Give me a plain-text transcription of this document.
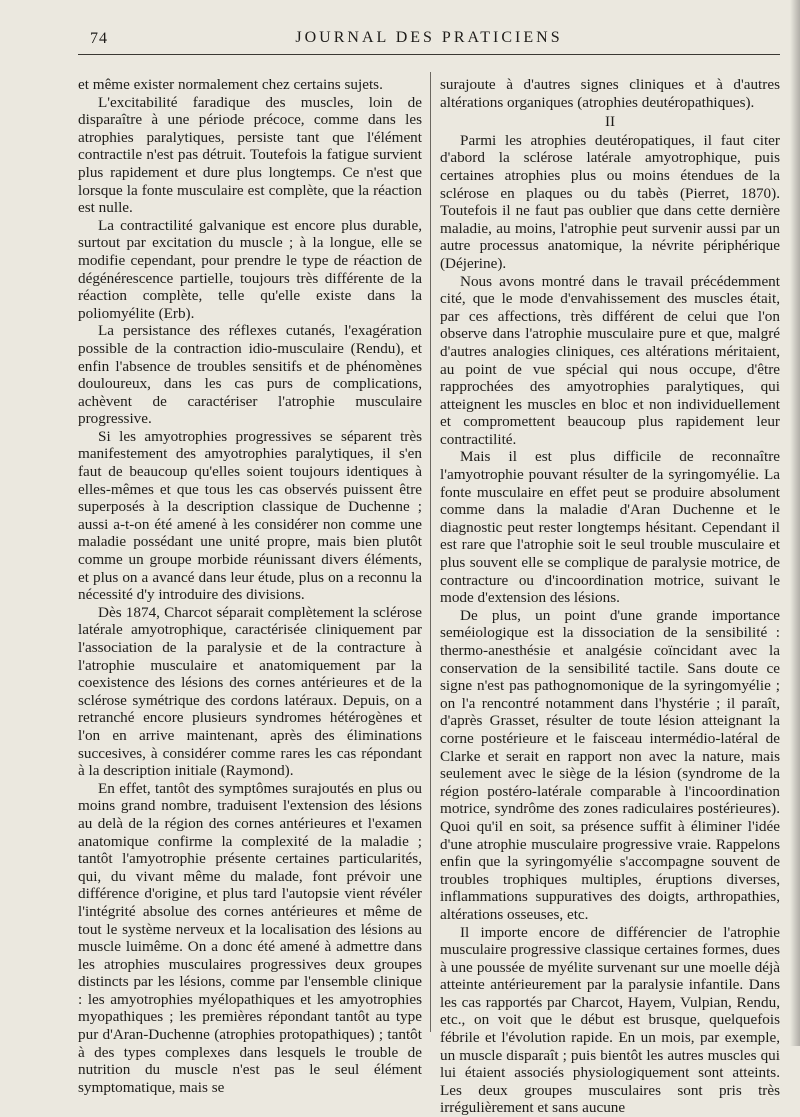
74	JOURNAL DES PRATICIENS

et même exister normalement chez certains sujets.

L'excitabilité faradique des muscles, loin de disparaître à une période précoce, comme dans les atrophies paralytiques, persiste tant que l'élément contractile n'est pas détruit. Toutefois la fatigue survient plus rapidement et dure plus longtemps. Ce n'est que lorsque la fonte musculaire est complète, que la réaction est nulle.

La contractilité galvanique est encore plus durable, surtout par excitation du muscle ; à la longue, elle se modifie cependant, pour prendre le type de réaction de dégénérescence partielle, toujours très différente de la réaction complète, telle qu'elle existe dans la poliomyélite (Erb).

La persistance des réflexes cutanés, l'exagération possible de la contraction idio-musculaire (Rendu), et enfin l'absence de troubles sensitifs et de phénomènes douloureux, dans les cas purs de complications, achèvent de caractériser l'atrophie musculaire progressive.

Si les amyotrophies progressives se séparent très manifestement des amyotrophies paralytiques, il s'en faut de beaucoup qu'elles soient toujours identiques à elles-mêmes et que tous les cas observés puissent être superposés à la description classique de Duchenne ; aussi a-t-on été amené à les considérer non comme une maladie possédant une unité propre, mais bien plutôt comme un groupe morbide réunissant divers éléments, et plus on a avancé dans leur étude, plus on a reconnu la nécessité d'y introduire des divisions.

Dès 1874, Charcot séparait complètement la sclérose latérale amyotrophique, caractérisée cliniquement par l'association de la paralysie et de la contracture à l'atrophie musculaire et anatomiquement par la coexistence des lésions des cornes antérieures et de la sclérose symétrique des cordons latéraux. Depuis, on a retranché encore plusieurs syndromes hétérogènes et l'on en arrive maintenant, après des éliminations succesives, à considérer comme rares les cas répondant à la description initiale (Raymond).

En effet, tantôt des symptômes surajoutés en plus ou moins grand nombre, traduisent l'extension des lésions au delà de la région des cornes antérieures et l'examen anatomique confirme la complexité de la maladie ; tantôt l'amyotrophie présente certaines particularités, qui, du vivant même du malade, font prévoir une différence d'origine, et plus tard l'autopsie vient révéler l'intégrité absolue des cornes antérieures et même de tout le système nerveux et la localisation des lésions au muscle luimême. On a donc été amené à admettre dans les atrophies musculaires progressives deux groupes distincts par les lésions, comme par l'ensemble clinique : les amyotrophies myélopathiques et les amyotrophies myopathiques ; les premières répondant tantôt au type pur d'Aran-Duchenne (atrophies protopathiques) ; tantôt à des types complexes dans lesquels le trouble de nutrition du muscle n'est pas le seul élément symptomatique, mais se

surajoute à d'autres signes cliniques et à d'autres altérations organiques (atrophies deutéropathiques).

II

Parmi les atrophies deutéropatiques, il faut citer d'abord la sclérose latérale amyotrophique, puis certaines atrophies plus ou moins étendues de la sclérose en plaques ou du tabès (Pierret, 1870). Toutefois il ne faut pas oublier que dans cette dernière maladie, au moins, l'atrophie peut survenir aussi par un autre processus anatomique, la névrite périphérique (Déjerine).

Nous avons montré dans le travail précédemment cité, que le mode d'envahissement des muscles était, par ces affections, très différent de celui que l'on observe dans l'atrophie musculaire pure et que, malgré d'autres analogies cliniques, ces altérations méritaient, au point de vue spécial qui nous occupe, d'être rapprochées des amyotrophies paralytiques, qui atteignent les muscles en bloc et non individuellement et compromettent beaucoup plus rapidement leur contractilité.

Mais il est plus difficile de reconnaître l'amyotrophie pouvant résulter de la syringomyélie. La fonte musculaire en effet peut se produire absolument comme dans la maladie d'Aran Duchenne et le diagnostic peut rester longtemps hésitant. Cependant il est rare que l'atrophie soit le seul trouble musculaire et plus souvent elle se complique de paralysie motrice, de contracture ou d'incoordination motrice, suivant le mode d'extension des lésions.

De plus, un point d'une grande importance seméiologique est la dissociation de la sensibilité : thermo-anesthésie et analgésie coïncidant avec la conservation de la sensibilité tactile. Sans doute ce signe n'est pas pathognomonique de la syringomyélie ; on l'a rencontré notamment dans l'hystérie ; il paraît, d'après Grasset, résulter de toute lésion atteignant la corne postérieure et le faisceau intermédio-latéral de Clarke et serait en rapport non avec la nature, mais seulement avec le siège de la lésion (syndrome de la région postéro-latérale comparable à l'incoordination motrice, syndrôme des zones radiculaires postérieures). Quoi qu'il en soit, sa présence suffit à éliminer l'idée d'une atrophie musculaire progressive vraie. Rappelons enfin que la syringomyélie s'accompagne souvent de troubles trophiques multiples, éruptions diverses, inflammations suppuratives des doigts, arthropathies, altérations osseuses, etc.

Il importe encore de différencier de l'atrophie musculaire progressive classique certaines formes, dues à une poussée de myélite survenant sur une moelle déjà atteinte antérieurement par la paralysie infantile. Dans les cas rapportés par Charcot, Hayem, Vulpian, Rendu, etc., on voit que le début est brusque, quelquefois fébrile et l'évolution rapide. En un mois, par exemple, un muscle disparaît ; puis bientôt les autres muscles qui lui étaient associés physiologiquement sont atteints. Les deux groupes musculaires sont pris très irrégulièrement et sans aucune
